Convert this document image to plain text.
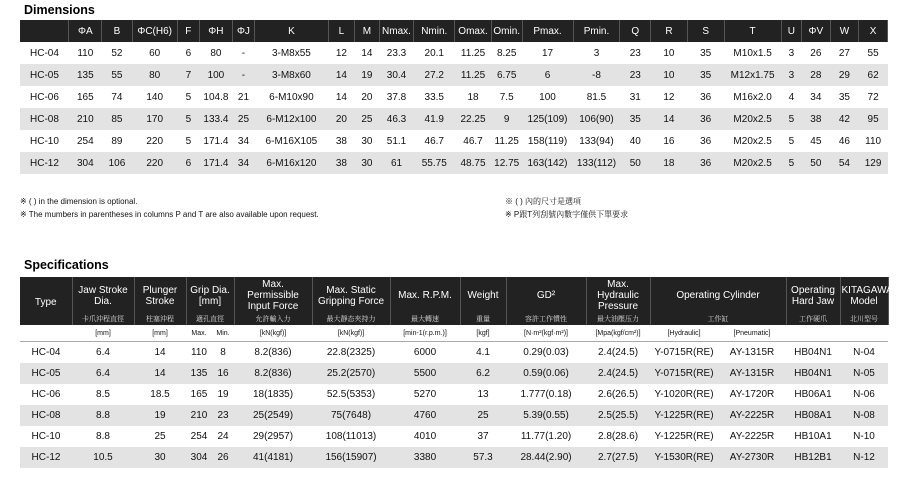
Dimensions
	ΦA	B	ΦC(H6)	F	ΦH	ΦJ	K	L	M	Nmax.	Nmin.	Omax.	Omin.	Pmax.	Pmin.	Q	R	S	T	U	ΦV	W	X
HC-04	110	52	60	6	80	-	3-M8x55	12	14	23.3	20.1	11.25	8.25	17	3	23	10	35	M10x1.5	3	26	27	55
HC-05	135	55	80	7	100	-	3-M8x60	14	19	30.4	27.2	11.25	6.75	6	-8	23	10	35	M12x1.75	3	28	29	62
HC-06	165	74	140	5	104.8	21	6-M10x90	14	20	37.8	33.5	18	7.5	100	81.5	31	12	36	M16x2.0	4	34	35	72
HC-08	210	85	170	5	133.4	25	6-M12x100	20	25	46.3	41.9	22.25	9	125(109)	106(90)	35	14	36	M20x2.5	5	38	42	95
HC-10	254	89	220	5	171.4	34	6-M16X105	38	30	51.1	46.7	46.7	11.25	158(119)	133(94)	40	16	36	M20x2.5	5	45	46	110
HC-12	304	106	220	6	171.4	34	6-M16x120	38	30	61	55.75	48.75	12.75	163(142)	133(112)	50	18	36	M20x2.5	5	50	54	129
※ ( ) in the dimension is optional.
※ The mumbers in parentheses in columns P and T are also available upon request.
※ ( ) 內的尺寸是選項
※ P跟T列刮號內數字僅供下單要求
Specifications
Type	Jaw Stroke Dia.	Plunger Stroke	Grip Dia. [mm]		Max. Permissible Input Force	Max. Static Gripping Force	Max. R.P.M.	Weight	GD²	Max. Hydraulic Pressure	Operating Cylinder		Operating Hard Jaw	KITAGAWA® Model
	卡爪沖程直徑	柱塞沖程	適孔直徑		允許輸入力	最大靜态夾持力	最大轉速	重量	容許工作慣性	最大油壓压力	工作缸		工作硬爪	北川型号
	[mm]	[mm]	Max.	Min.	[kN(kgf)]	[kN(kgf)]	[min-1(r.p.m.)]	[kgf]	[N·m²(kgf·m²)]	[Mpa(kgf/cm²)]	[Hydraulic]	[Pneumatic]		
HC-04	6.4	14	110	8	8.2(836)	22.8(2325)	6000	4.1	0.29(0.03)	2.4(24.5)	Y-0715R(RE)	AY-1315R	HB04N1	N-04
HC-05	6.4	14	135	16	8.2(836)	25.2(2570)	5500	6.2	0.59(0.06)	2.4(24.5)	Y-0715R(RE)	AY-1315R	HB04N1	N-05
HC-06	8.5	18.5	165	19	18(1835)	52.5(5353)	5270	13	1.777(0.18)	2.6(26.5)	Y-1020R(RE)	AY-1720R	HB06A1	N-06
HC-08	8.8	19	210	23	25(2549)	75(7648)	4760	25	5.39(0.55)	2.5(25.5)	Y-1225R(RE)	AY-2225R	HB08A1	N-08
HC-10	8.8	25	254	24	29(2957)	108(11013)	4010	37	11.77(1.20)	2.8(28.6)	Y-1225R(RE)	AY-2225R	HB10A1	N-10
HC-12	10.5	30	304	26	41(4181)	156(15907)	3380	57.3	28.44(2.90)	2.7(27.5)	Y-1530R(RE)	AY-2730R	HB12B1	N-12
